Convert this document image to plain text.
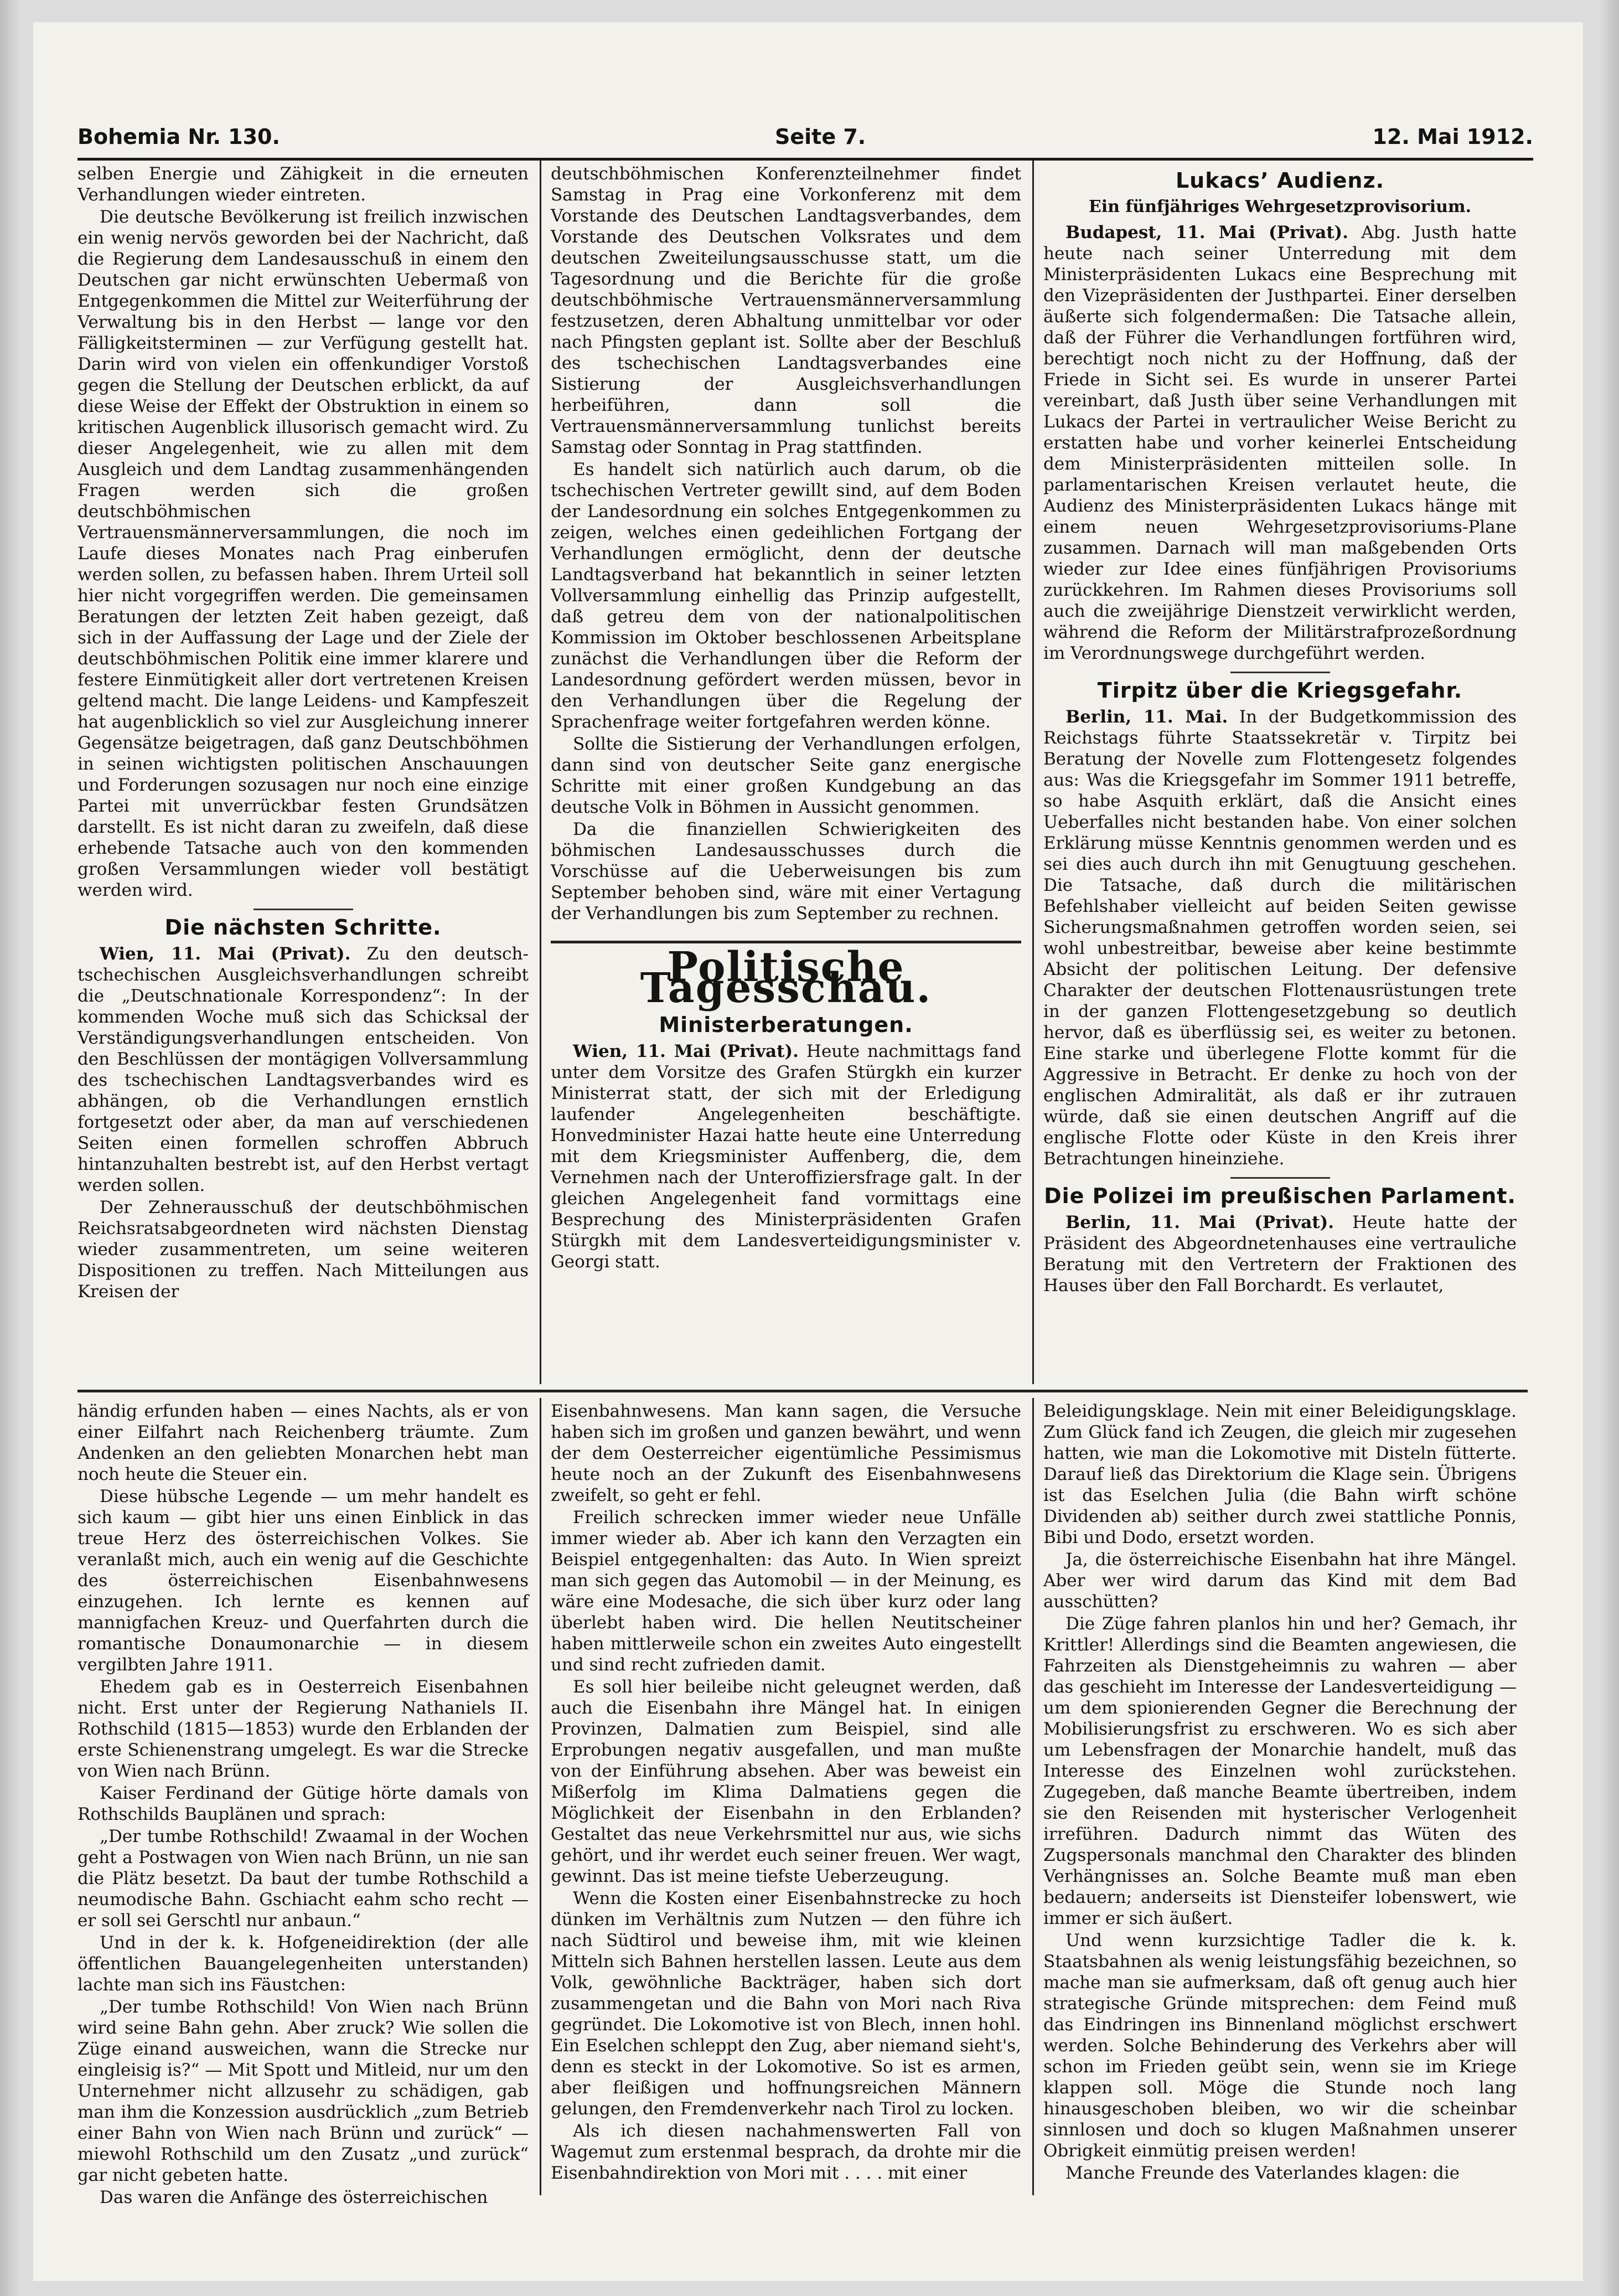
Bohemia Nr. 130.	Seite 7.	12. Mai 1912.

selben Energie und Zähigkeit in die erneuten Verhandlungen wieder eintreten.

Die deutsche Bevölkerung ist freilich inzwischen ein wenig nervös geworden bei der Nachricht, daß die Regierung dem Landesausschuß in einem den Deutschen gar nicht erwünschten Uebermaß von Entgegenkommen die Mittel zur Weiterführung der Verwaltung bis in den Herbst — lange vor den Fälligkeitsterminen — zur Verfügung gestellt hat. Darin wird von vielen ein offenkundiger Vorstoß gegen die Stellung der Deutschen erblickt, da auf diese Weise der Effekt der Obstruktion in einem so kritischen Augenblick illusorisch gemacht wird. Zu dieser Angelegenheit, wie zu allen mit dem Ausgleich und dem Landtag zusammenhängenden Fragen werden sich die großen deutschböhmischen Vertrauensmännerversammlungen, die noch im Laufe dieses Monates nach Prag einberufen werden sollen, zu befassen haben. Ihrem Urteil soll hier nicht vorgegriffen werden. Die gemeinsamen Beratungen der letzten Zeit haben gezeigt, daß sich in der Auffassung der Lage und der Ziele der deutschböhmischen Politik eine immer klarere und festere Einmütigkeit aller dort vertretenen Kreisen geltend macht. Die lange Leidens- und Kampfeszeit hat augenblicklich so viel zur Ausgleichung innerer Gegensätze beigetragen, daß ganz Deutschböhmen in seinen wichtigsten politischen Anschauungen und Forderungen sozusagen nur noch eine einzige Partei mit unverrückbar festen Grundsätzen darstellt. Es ist nicht daran zu zweifeln, daß diese erhebende Tatsache auch von den kommenden großen Versammlungen wieder voll bestätigt werden wird.

Die nächsten Schritte.

Wien, 11. Mai (Privat). Zu den deutsch-tschechischen Ausgleichsverhandlungen schreibt die „Deutschnationale Korrespondenz“: In der kommenden Woche muß sich das Schicksal der Verständigungsverhandlungen entscheiden. Von den Beschlüssen der montägigen Vollversammlung des tschechischen Landtagsverbandes wird es abhängen, ob die Verhandlungen ernstlich fortgesetzt oder aber, da man auf verschiedenen Seiten einen formellen schroffen Abbruch hintanzuhalten bestrebt ist, auf den Herbst vertagt werden sollen.

Der Zehnerausschuß der deutschböhmischen Reichsratsabgeordneten wird nächsten Dienstag wieder zusammentreten, um seine weiteren Dispositionen zu treffen. Nach Mitteilungen aus Kreisen der

deutschböhmischen Konferenzteilnehmer findet Samstag in Prag eine Vorkonferenz mit dem Vorstande des Deutschen Landtagsverbandes, dem Vorstande des Deutschen Volksrates und dem deutschen Zweiteilungsausschusse statt, um die Tagesordnung und die Berichte für die große deutschböhmische Vertrauensmännerversammlung festzusetzen, deren Abhaltung unmittelbar vor oder nach Pfingsten geplant ist. Sollte aber der Beschluß des tschechischen Landtagsverbandes eine Sistierung der Ausgleichsverhandlungen herbeiführen, dann soll die Vertrauensmännerversammlung tunlichst bereits Samstag oder Sonntag in Prag stattfinden.

Es handelt sich natürlich auch darum, ob die tschechischen Vertreter gewillt sind, auf dem Boden der Landesordnung ein solches Entgegenkommen zu zeigen, welches einen gedeihlichen Fortgang der Verhandlungen ermöglicht, denn der deutsche Landtagsverband hat bekanntlich in seiner letzten Vollversammlung einhellig das Prinzip aufgestellt, daß getreu dem von der nationalpolitischen Kommission im Oktober beschlossenen Arbeitsplane zunächst die Verhandlungen über die Reform der Landesordnung gefördert werden müssen, bevor in den Verhandlungen über die Regelung der Sprachenfrage weiter fortgefahren werden könne.

Sollte die Sistierung der Verhandlungen erfolgen, dann sind von deutscher Seite ganz energische Schritte mit einer großen Kundgebung an das deutsche Volk in Böhmen in Aussicht genommen.

Da die finanziellen Schwierigkeiten des böhmischen Landesausschusses durch die Vorschüsse auf die Ueberweisungen bis zum September behoben sind, wäre mit einer Vertagung der Verhandlungen bis zum September zu rechnen.

Politische Tagesschau.
Ministerberatungen.

Wien, 11. Mai (Privat). Heute nachmittags fand unter dem Vorsitze des Grafen Stürgkh ein kurzer Ministerrat statt, der sich mit der Erledigung laufender Angelegenheiten beschäftigte. Honvedminister Hazai hatte heute eine Unterredung mit dem Kriegsminister Auffenberg, die, dem Vernehmen nach der Unteroffiziersfrage galt. In der gleichen Angelegenheit fand vormittags eine Besprechung des Ministerpräsidenten Grafen Stürgkh mit dem Landesverteidigungsminister v. Georgi statt.

Lukacs’ Audienz.
Ein fünfjähriges Wehrgesetzprovisorium.

Budapest, 11. Mai (Privat). Abg. Justh hatte heute nach seiner Unterredung mit dem Ministerpräsidenten Lukacs eine Besprechung mit den Vizepräsidenten der Justhpartei. Einer derselben äußerte sich folgendermaßen: Die Tatsache allein, daß der Führer die Verhandlungen fortführen wird, berechtigt noch nicht zu der Hoffnung, daß der Friede in Sicht sei. Es wurde in unserer Partei vereinbart, daß Justh über seine Verhandlungen mit Lukacs der Partei in vertraulicher Weise Bericht zu erstatten habe und vorher keinerlei Entscheidung dem Ministerpräsidenten mitteilen solle. In parlamentarischen Kreisen verlautet heute, die Audienz des Ministerpräsidenten Lukacs hänge mit einem neuen Wehrgesetzprovisoriums-Plane zusammen. Darnach will man maßgebenden Orts wieder zur Idee eines fünfjährigen Provisoriums zurückkehren. Im Rahmen dieses Provisoriums soll auch die zweijährige Dienstzeit verwirklicht werden, während die Reform der Militärstrafprozeßordnung im Verordnungswege durchgeführt werden.

Tirpitz über die Kriegsgefahr.

Berlin, 11. Mai. In der Budgetkommission des Reichstags führte Staatssekretär v. Tirpitz bei Beratung der Novelle zum Flottengesetz folgendes aus: Was die Kriegsgefahr im Sommer 1911 betreffe, so habe Asquith erklärt, daß die Ansicht eines Ueberfalles nicht bestanden habe. Von einer solchen Erklärung müsse Kenntnis genommen werden und es sei dies auch durch ihn mit Genugtuung geschehen. Die Tatsache, daß durch die militärischen Befehlshaber vielleicht auf beiden Seiten gewisse Sicherungsmaßnahmen getroffen worden seien, sei wohl unbestreitbar, beweise aber keine bestimmte Absicht der politischen Leitung. Der defensive Charakter der deutschen Flottenausrüstungen trete in der ganzen Flottengesetzgebung so deutlich hervor, daß es überflüssig sei, es weiter zu betonen. Eine starke und überlegene Flotte kommt für die Aggressive in Betracht. Er denke zu hoch von der englischen Admiralität, als daß er ihr zutrauen würde, daß sie einen deutschen Angriff auf die englische Flotte oder Küste in den Kreis ihrer Betrachtungen hineinziehe.

Die Polizei im preußischen Parlament.

Berlin, 11. Mai (Privat). Heute hatte der Präsident des Abgeordnetenhauses eine vertrauliche Beratung mit den Vertretern der Fraktionen des Hauses über den Fall Borchardt. Es verlautet,

händig erfunden haben — eines Nachts, als er von einer Eilfahrt nach Reichenberg träumte. Zum Andenken an den geliebten Monarchen hebt man noch heute die Steuer ein.

Diese hübsche Legende — um mehr handelt es sich kaum — gibt hier uns einen Einblick in das treue Herz des österreichischen Volkes. Sie veranlaßt mich, auch ein wenig auf die Geschichte des österreichischen Eisenbahnwesens einzugehen. Ich lernte es kennen auf mannigfachen Kreuz- und Querfahrten durch die romantische Donaumonarchie — in diesem vergilbten Jahre 1911.

Ehedem gab es in Oesterreich Eisenbahnen nicht. Erst unter der Regierung Nathaniels II. Rothschild (1815—1853) wurde den Erblanden der erste Schienenstrang umgelegt. Es war die Strecke von Wien nach Brünn.

Kaiser Ferdinand der Gütige hörte damals von Rothschilds Bauplänen und sprach:

„Der tumbe Rothschild! Zwaamal in der Wochen geht a Postwagen von Wien nach Brünn, un nie san die Plätz besetzt. Da baut der tumbe Rothschild a neumodische Bahn. Gschiacht eahm scho recht — er soll sei Gerschtl nur anbaun.“

Und in der k. k. Hofgeneidirektion (der alle öffentlichen Bauangelegenheiten unterstanden) lachte man sich ins Fäustchen:

„Der tumbe Rothschild! Von Wien nach Brünn wird seine Bahn gehn. Aber zruck? Wie sollen die Züge einand ausweichen, wann die Strecke nur eingleisig is?“ — Mit Spott und Mitleid, nur um den Unternehmer nicht allzusehr zu schädigen, gab man ihm die Konzession ausdrücklich „zum Betrieb einer Bahn von Wien nach Brünn und zurück“ — miewohl Rothschild um den Zusatz „und zurück“ gar nicht gebeten hatte.

Das waren die Anfänge des österreichischen

Eisenbahnwesens. Man kann sagen, die Versuche haben sich im großen und ganzen bewährt, und wenn der dem Oesterreicher eigentümliche Pessimismus heute noch an der Zukunft des Eisenbahnwesens zweifelt, so geht er fehl.

Freilich schrecken immer wieder neue Unfälle immer wieder ab. Aber ich kann den Verzagten ein Beispiel entgegenhalten: das Auto. In Wien spreizt man sich gegen das Automobil — in der Meinung, es wäre eine Modesache, die sich über kurz oder lang überlebt haben wird. Die hellen Neutitscheiner haben mittlerweile schon ein zweites Auto eingestellt und sind recht zufrieden damit.

Es soll hier beileibe nicht geleugnet werden, daß auch die Eisenbahn ihre Mängel hat. In einigen Provinzen, Dalmatien zum Beispiel, sind alle Erprobungen negativ ausgefallen, und man mußte von der Einführung absehen. Aber was beweist ein Mißerfolg im Klima Dalmatiens gegen die Möglichkeit der Eisenbahn in den Erblanden? Gestaltet das neue Verkehrsmittel nur aus, wie sichs gehört, und ihr werdet euch seiner freuen. Wer wagt, gewinnt. Das ist meine tiefste Ueberzeugung.

Wenn die Kosten einer Eisenbahnstrecke zu hoch dünken im Verhältnis zum Nutzen — den führe ich nach Südtirol und beweise ihm, mit wie kleinen Mitteln sich Bahnen herstellen lassen. Leute aus dem Volk, gewöhnliche Backträger, haben sich dort zusammengetan und die Bahn von Mori nach Riva gegründet. Die Lokomotive ist von Blech, innen hohl. Ein Eselchen schleppt den Zug, aber niemand sieht's, denn es steckt in der Lokomotive. So ist es armen, aber fleißigen und hoffnungsreichen Männern gelungen, den Fremdenverkehr nach Tirol zu locken.

Als ich diesen nachahmenswerten Fall von Wagemut zum erstenmal besprach, da drohte mir die Eisenbahndirektion von Mori mit . . . . mit einer

Beleidigungsklage. Nein mit einer Beleidigungsklage. Zum Glück fand ich Zeugen, die gleich mir zugesehen hatten, wie man die Lokomotive mit Disteln fütterte. Darauf ließ das Direktorium die Klage sein. Übrigens ist das Eselchen Julia (die Bahn wirft schöne Dividenden ab) seither durch zwei stattliche Ponnis, Bibi und Dodo, ersetzt worden.

Ja, die österreichische Eisenbahn hat ihre Mängel. Aber wer wird darum das Kind mit dem Bad ausschütten?

Die Züge fahren planlos hin und her? Gemach, ihr Krittler! Allerdings sind die Beamten angewiesen, die Fahrzeiten als Dienstgeheimnis zu wahren — aber das geschieht im Interesse der Landesverteidigung — um dem spionierenden Gegner die Berechnung der Mobilisierungsfrist zu erschweren. Wo es sich aber um Lebensfragen der Monarchie handelt, muß das Interesse des Einzelnen wohl zurückstehen. Zugegeben, daß manche Beamte übertreiben, indem sie den Reisenden mit hysterischer Verlogenheit irreführen. Dadurch nimmt das Wüten des Zugspersonals manchmal den Charakter des blinden Verhängnisses an. Solche Beamte muß man eben bedauern; anderseits ist Diensteifer lobenswert, wie immer er sich äußert.

Und wenn kurzsichtige Tadler die k. k. Staatsbahnen als wenig leistungsfähig bezeichnen, so mache man sie aufmerksam, daß oft genug auch hier strategische Gründe mitsprechen: dem Feind muß das Eindringen ins Binnenland möglichst erschwert werden. Solche Behinderung des Verkehrs aber will schon im Frieden geübt sein, wenn sie im Kriege klappen soll. Möge die Stunde noch lang hinausgeschoben bleiben, wo wir die scheinbar sinnlosen und doch so klugen Maßnahmen unserer Obrigkeit einmütig preisen werden!

Manche Freunde des Vaterlandes klagen: die
